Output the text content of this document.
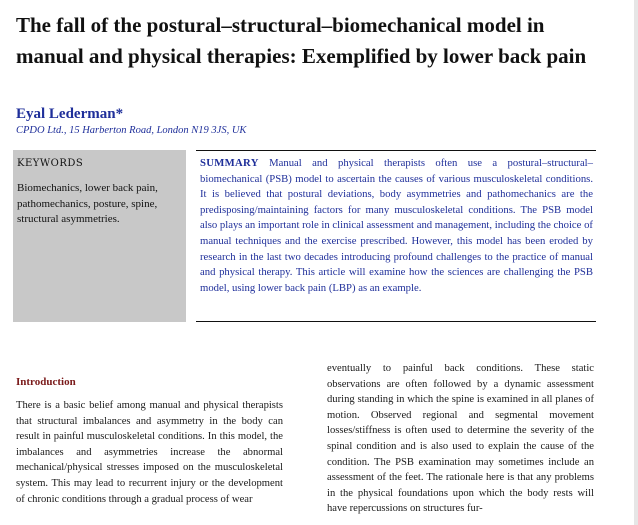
The fall of the postural–structural–biomechanical model in manual and physical therapies: Exemplified by lower back pain
Eyal Lederman*
CPDO Ltd., 15 Harberton Road, London N19 3JS, UK

KEYWORDS

Biomechanics, lower back pain, pathomechanics, posture, spine, structural asymmetries.

SUMMARY Manual and physical therapists often use a postural–structural–biomechanical (PSB) model to ascertain the causes of various musculoskeletal conditions. It is believed that postural deviations, body asymmetries and pathomechanics are the predisposing/maintaining factors for many musculoskeletal conditions. The PSB model also plays an important role in clinical assessment and management, including the choice of manual techniques and the exercise prescribed. However, this model has been eroded by research in the last two decades introducing profound challenges to the practice of manual and physical therapy. This article will examine how the sciences are challenging the PSB model, using lower back pain (LBP) as an example.

Introduction

There is a basic belief among manual and physical therapists that structural imbalances and asymmetry in the body can result in painful musculoskeletal conditions. In this model, the imbalances and asymmetries increase the abnormal mechanical/physical stresses imposed on the musculoskeletal system. This may lead to recurrent injury or the development of chronic conditions through a gradual process of wear

eventually to painful back conditions. These static observations are often followed by a dynamic assessment during standing in which the spine is examined in all planes of motion. Observed regional and segmental movement losses/stiffness is often used to determine the severity of the spinal condition and is also used to explain the cause of the condition. The PSB examination may sometimes include an assessment of the feet. The rationale here is that any problems in the physical foundations upon which the body rests will have repercussions on structures fur-
